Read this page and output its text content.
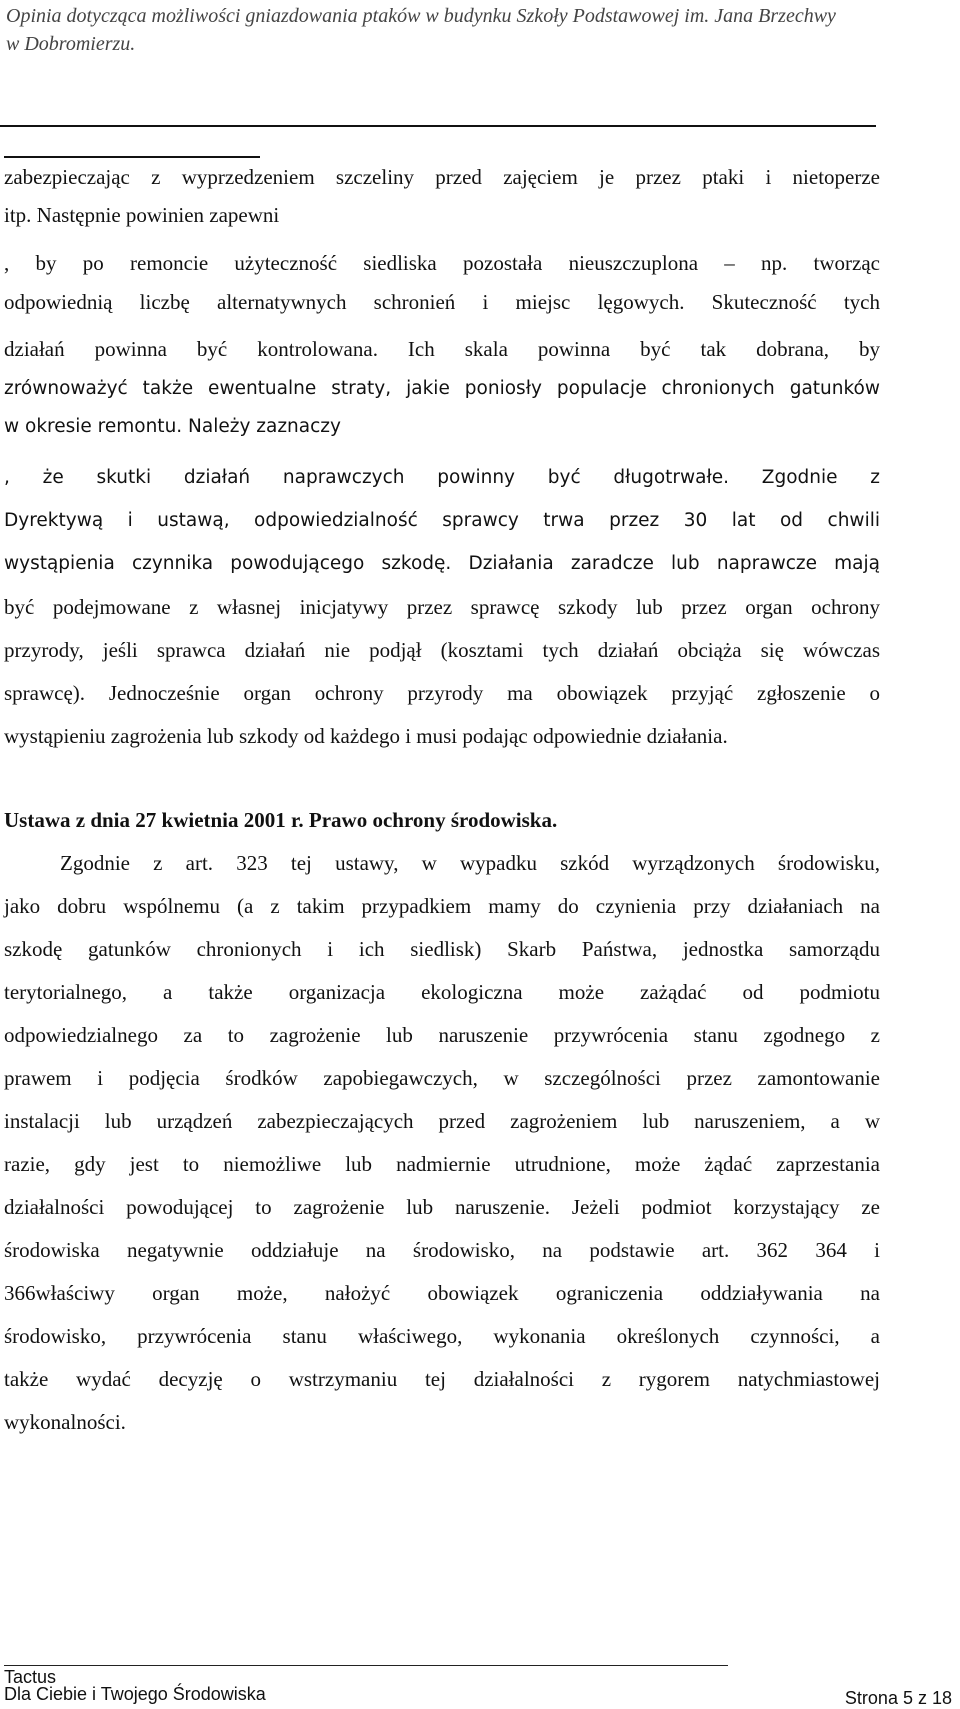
Opinia dotycząca możliwości gniazdowania ptaków w budynku Szkoły Podstawowej im. Jana Brzechwy
w Dobromierzu.
zabezpieczając z wyprzedzeniem szczeliny przed zajęciem je przez ptaki i nietoperze
itp. Następnie powinien zapewni
, by po remoncie użyteczność siedliska pozostała nieuszczuplona – np. tworząc
odpowiednią liczbę alternatywnych schronień i miejsc lęgowych. Skuteczność tych
działań powinna być kontrolowana. Ich skala powinna być tak dobrana, by
zrównoważyć także ewentualne straty, jakie poniosły populacje chronionych gatunków
w okresie remontu. Należy zaznaczy
, że skutki działań naprawczych powinny być długotrwałe. Zgodnie z
Dyrektywą i ustawą, odpowiedzialność sprawcy trwa przez 30 lat od chwili
wystąpienia czynnika powodującego szkodę. Działania zaradcze lub naprawcze mają
być podejmowane z własnej inicjatywy przez sprawcę szkody lub przez organ ochrony
przyrody, jeśli sprawca działań nie podjął (kosztami tych działań obciąża się wówczas
sprawcę). Jednocześnie organ ochrony przyrody ma obowiązek przyjąć zgłoszenie o
wystąpieniu zagrożenia lub szkody od każdego i musi podając odpowiednie działania.
Ustawa z dnia 27 kwietnia 2001 r. Prawo ochrony środowiska.
Zgodnie z art. 323 tej ustawy, w wypadku szkód wyrządzonych środowisku,
jako dobru wspólnemu (a z takim przypadkiem mamy do czynienia przy działaniach na
szkodę gatunków chronionych i ich siedlisk) Skarb Państwa, jednostka samorządu
terytorialnego, a także organizacja ekologiczna może zażądać od podmiotu
odpowiedzialnego za to zagrożenie lub naruszenie przywrócenia stanu zgodnego z
prawem i podjęcia środków zapobiegawczych, w szczególności przez zamontowanie
instalacji lub urządzeń zabezpieczających przed zagrożeniem lub naruszeniem, a w
razie, gdy jest to niemożliwe lub nadmiernie utrudnione, może żądać zaprzestania
działalności powodującej to zagrożenie lub naruszenie. Jeżeli podmiot korzystający ze
środowiska negatywnie oddziałuje na środowisko, na podstawie art. 362 364 i
366właściwy organ może, nałożyć obowiązek ograniczenia oddziaływania na
środowisko, przywrócenia stanu właściwego, wykonania określonych czynności, a
także wydać decyzję o wstrzymaniu tej działalności z rygorem natychmiastowej
wykonalności.
Tactus
Dla Ciebie i Twojego Środowiska	Strona 5 z 18
